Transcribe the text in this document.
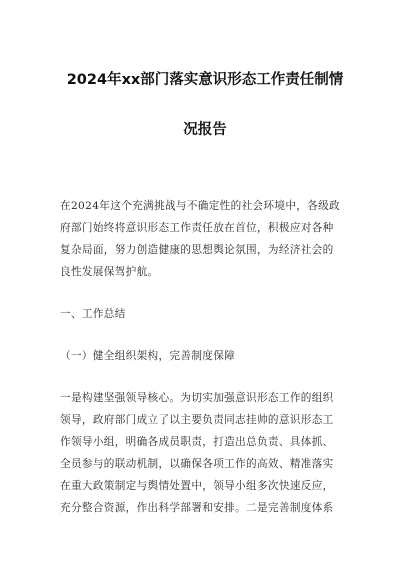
2024年xx部门落实意识形态工作责任制情
况报告
在2024年这个充满挑战与不确定性的社会环境中，各级政
府部门始终将意识形态工作责任放在首位，积极应对各种
复杂局面，努力创造健康的思想舆论氛围，为经济社会的
良性发展保驾护航。
一、工作总结
（一）健全组织架构，完善制度保障
一是构建坚强领导核心。为切实加强意识形态工作的组织
领导，政府部门成立了以主要负责同志挂帅的意识形态工
作领导小组，明确各成员职责，打造出总负责、具体抓、
全员参与的联动机制，以确保各项工作的高效、精准落实
在重大政策制定与舆情处置中，领导小组多次快速反应，
充分整合资源，作出科学部署和安排。二是完善制度体系
